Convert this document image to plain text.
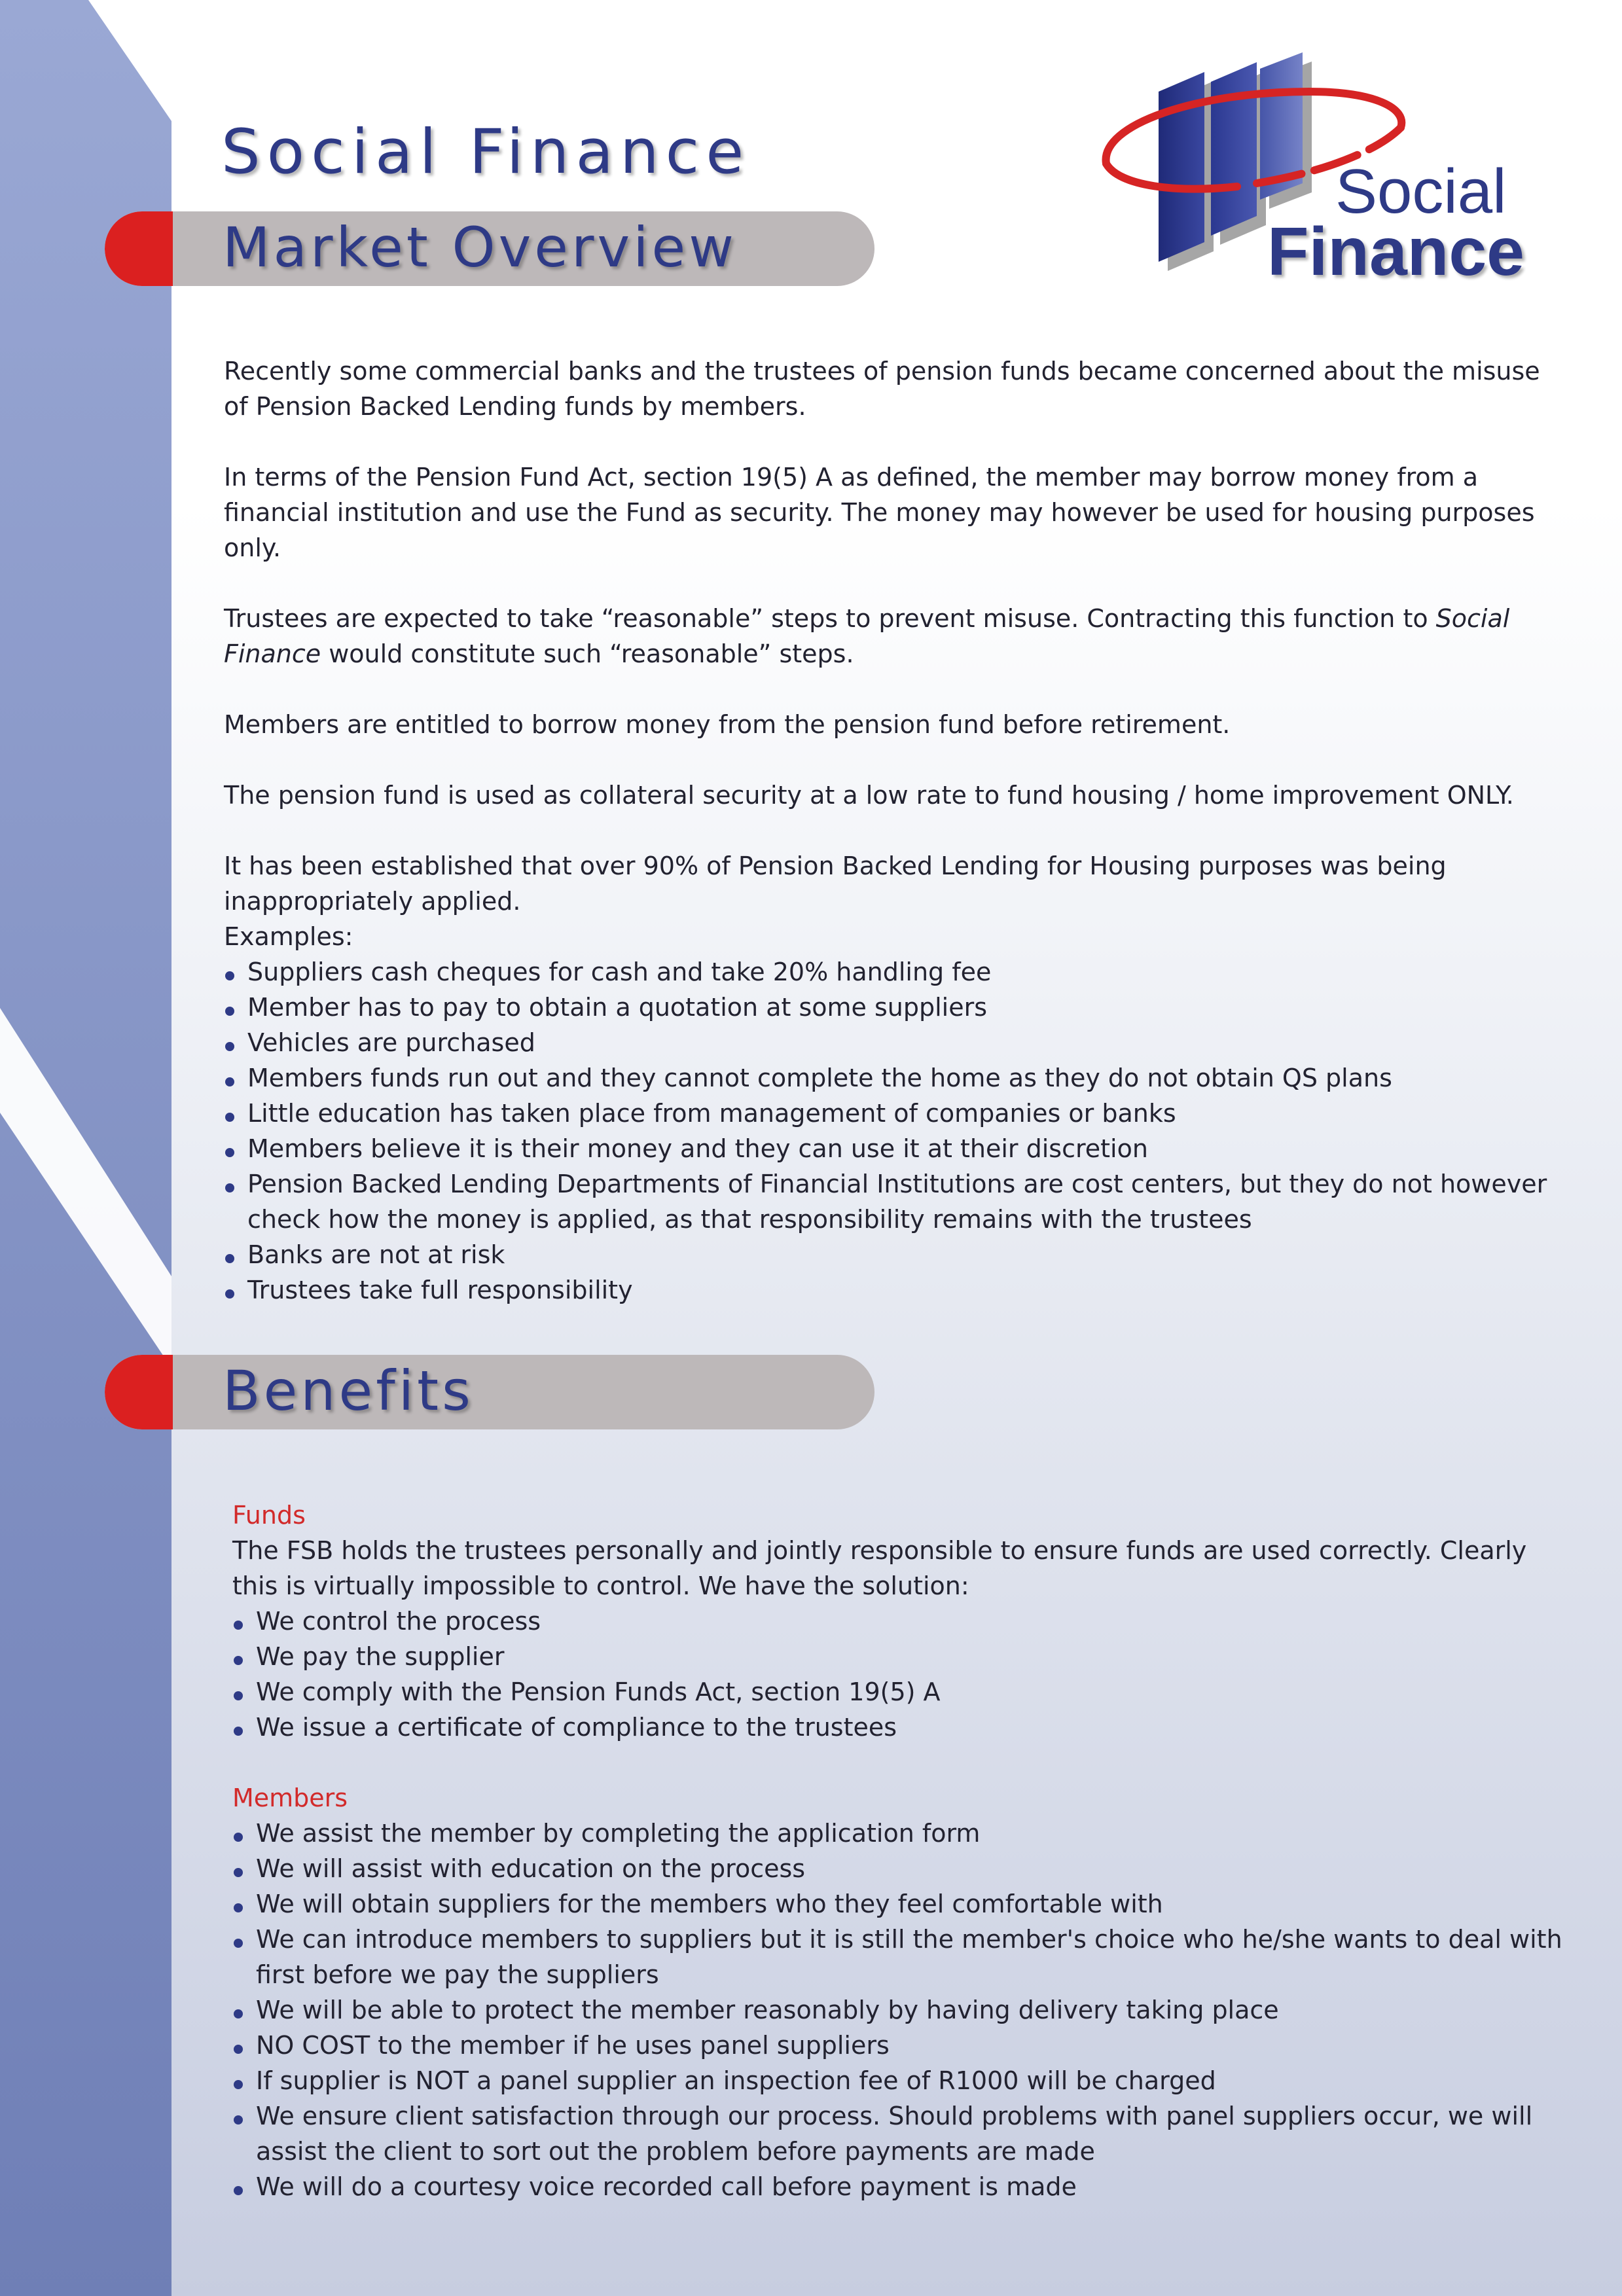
Social Finance
Market Overview
Social
Finance

Recently some commercial banks and the trustees of pension funds became concerned about the misuse of Pension Backed Lending funds by members.

In terms of the Pension Fund Act, section 19(5) A as defined, the member may borrow money from a financial institution and use the Fund as security. The money may however be used for housing purposes only.

Trustees are expected to take “reasonable” steps to prevent misuse. Contracting this function to Social Finance would constitute such “reasonable” steps.

Members are entitled to borrow money from the pension fund before retirement.

The pension fund is used as collateral security at a low rate to fund housing / home improvement ONLY.

It has been established that over 90% of Pension Backed Lending for Housing purposes was being inappropriately applied.

Examples:

Suppliers cash cheques for cash and take 20% handling fee
Member has to pay to obtain a quotation at some suppliers
Vehicles are purchased
Members funds run out and they cannot complete the home as they do not obtain QS plans
Little education has taken place from management of companies or banks
Members believe it is their money and they can use it at their discretion
Pension Backed Lending Departments of Financial Institutions are cost centers, but they do not however check how the money is applied, as that responsibility remains with the trustees
Banks are not at risk
Trustees take full responsibility
Benefits

Funds

The FSB holds the trustees personally and jointly responsible to ensure funds are used correctly. Clearly this is virtually impossible to control. We have the solution:

We control the process
We pay the supplier
We comply with the Pension Funds Act, section 19(5) A
We issue a certificate of compliance to the trustees

Members

We assist the member by completing the application form
We will assist with education on the process
We will obtain suppliers for the members who they feel comfortable with
We can introduce members to suppliers but it is still the member's choice who he/she wants to deal with first before we pay the suppliers
We will be able to protect the member reasonably by having delivery taking place
NO COST to the member if he uses panel suppliers
If supplier is NOT a panel supplier an inspection fee of R1000 will be charged
We ensure client satisfaction through our process. Should problems with panel suppliers occur, we will assist the client to sort out the problem before payments are made
We will do a courtesy voice recorded call before payment is made
